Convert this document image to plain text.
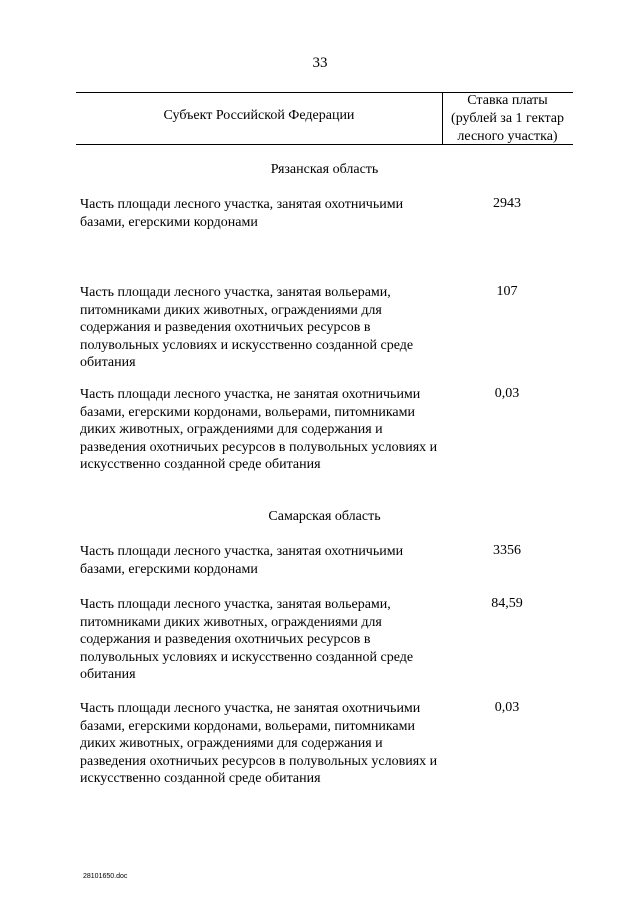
33
Субъект Российской Федерации
Ставка платы
(рублей за 1 гектар
лесного участка)
Рязанская область
Часть площади лесного участка, занятая охотничьими базами, егерскими кордонами
2943
Часть площади лесного участка, занятая вольерами, питомниками диких животных, ограждениями для содержания и разведения охотничьих ресурсов в полувольных условиях и искусственно созданной среде обитания
107
Часть площади лесного участка, не занятая охотничьими базами, егерскими кордонами, вольерами, питомниками диких животных, ограждениями для содержания и разведения охотничьих ресурсов в полувольных условиях и искусственно созданной среде обитания
0,03
Самарская область
Часть площади лесного участка, занятая охотничьими базами, егерскими кордонами
3356
Часть площади лесного участка, занятая вольерами, питомниками диких животных, ограждениями для содержания и разведения охотничьих ресурсов в полувольных условиях и искусственно созданной среде обитания
84,59
Часть площади лесного участка, не занятая охотничьими базами, егерскими кордонами, вольерами, питомниками диких животных, ограждениями для содержания и разведения охотничьих ресурсов в полувольных условиях и искусственно созданной среде обитания
0,03
28101650.doc
